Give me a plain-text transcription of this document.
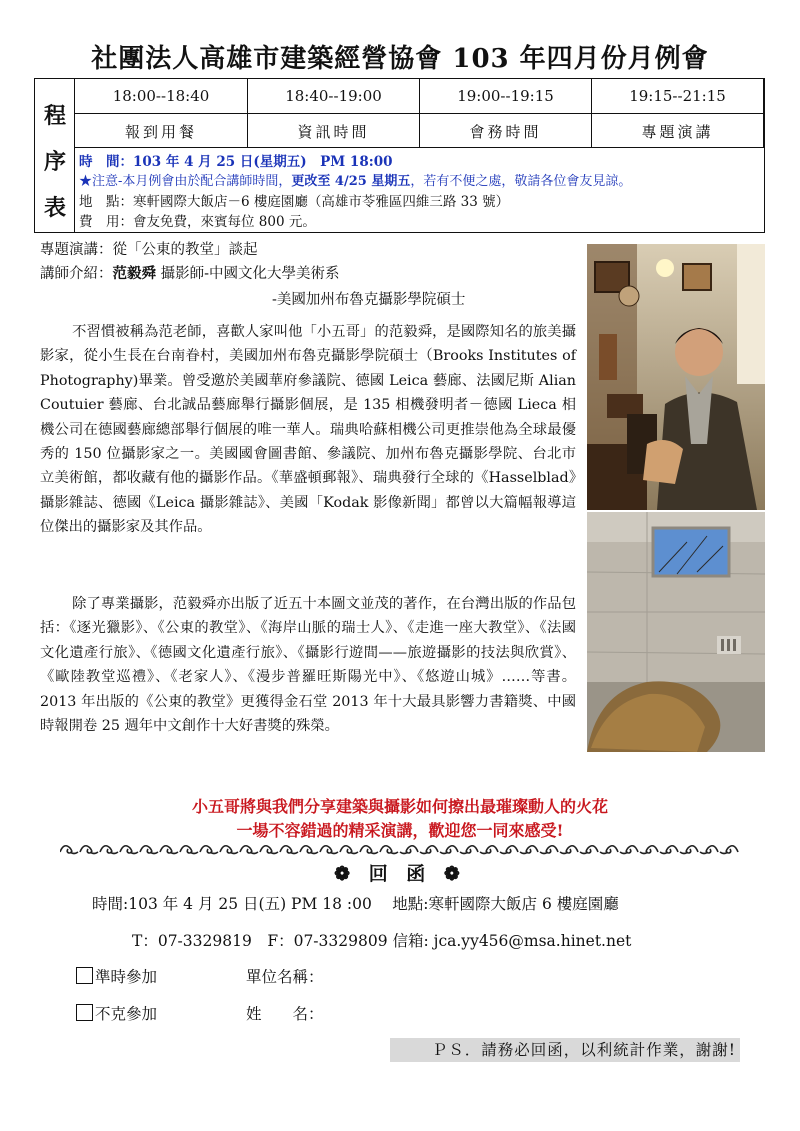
社團法人高雄市建築經營協會 103 年四月份月例會
程
序
表
18:00--18:40
報到用餐
18:40--19:00
資訊時間
19:00--19:15
會務時間
19:15--21:15
專題演講
時　間：103 年 4 月 25 日(星期五)　PM 18:00
★注意-本月例會由於配合講師時間，更改至 4/25 星期五，若有不便之處，敬請各位會友見諒。
地　點：寒軒國際大飯店－6 樓庭園廳（高雄市苓雅區四維三路 33 號）
費　用：會友免費，來賓每位 800 元。
專題演講：從「公東的教堂」談起
講師介紹：范毅舜 攝影師-中國文化大學美術系
-美國加州布魯克攝影學院碩士
不習慣被稱為范老師，喜歡人家叫他「小五哥」的范毅舜，是國際知名的旅美攝影家，從小生長在台南眷村，美國加州布魯克攝影學院碩士（Brooks Institutes of Photography)畢業。曾受邀於美國華府參議院、德國 Leica 藝廊、法國尼斯 Alian Coutuier 藝廊、台北誠品藝廊舉行攝影個展，是 135 相機發明者－德國 Lieca 相機公司在德國藝廊總部舉行個展的唯一華人。瑞典哈蘇相機公司更推崇他為全球最優秀的 150 位攝影家之一。美國國會圖書館、參議院、加州布魯克攝影學院、台北市立美術館，都收藏有他的攝影作品。《華盛頓郵報》、瑞典發行全球的《Hasselblad》攝影雜誌、德國《Leica 攝影雜誌》、美國「Kodak 影像新聞」都曾以大篇幅報導這位傑出的攝影家及其作品。
除了專業攝影，范毅舜亦出版了近五十本圖文並茂的著作，在台灣出版的作品包括：《逐光獵影》、《公東的教堂》、《海岸山脈的瑞士人》、《走進一座大教堂》、《法國文化遺產行旅》、《德國文化遺產行旅》、《攝影行遊間——旅遊攝影的技法與欣賞》、《歐陸教堂巡禮》、《老家人》、《漫步普羅旺斯陽光中》、《悠遊山城》……等書。2013 年出版的《公東的教堂》更獲得金石堂 2013 年十大最具影響力書籍獎、中國時報開卷 25 週年中文創作十大好書獎的殊榮。
小五哥將與我們分享建築與攝影如何擦出最璀璨動人的火花
一場不容錯過的精采演講，歡迎您一同來感受!
❁ 回 函 ❁
時間:103 年 4 月 25 日(五) PM 18 :00　 地點:寒軒國際大飯店 6 樓庭園廳
T：07-3329819　F：07-3329809 信箱: jca.yy456@msa.hinet.net
準時參加
不克參加
單位名稱：
姓　　名：
ＰＳ．請務必回函，以利統計作業，謝謝!
